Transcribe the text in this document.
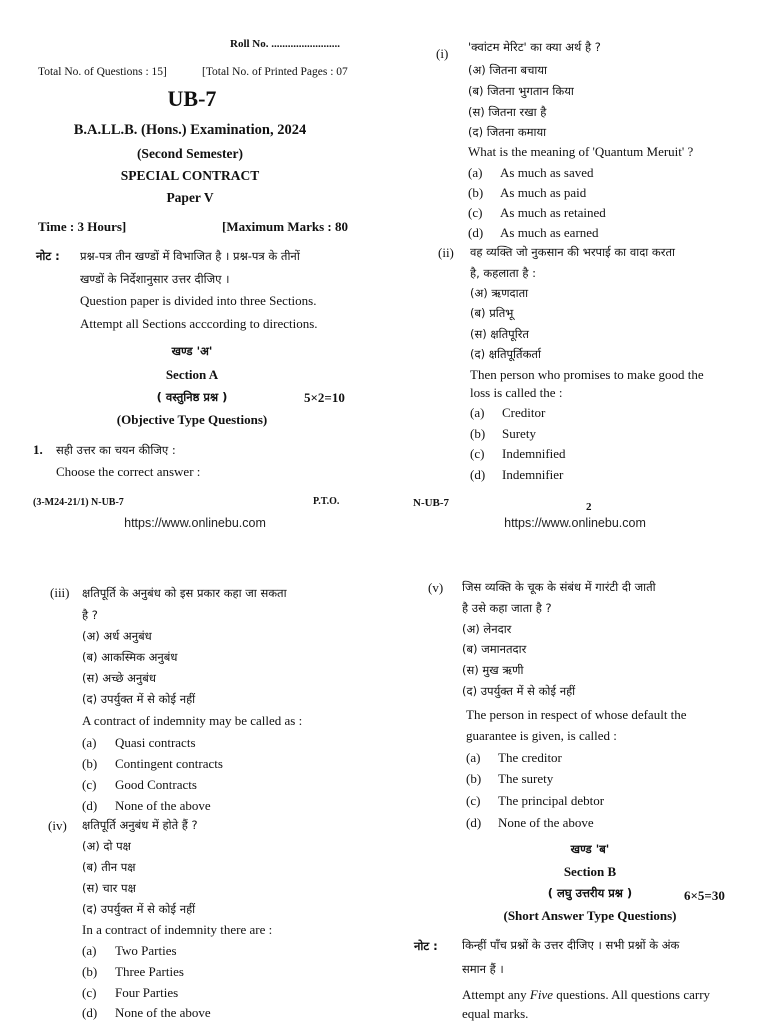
Roll No. .........................
Total No. of Questions : 15]	[Total No. of Printed Pages : 07
UB-7
B.A.LL.B. (Hons.) Examination, 2024
(Second Semester)
SPECIAL CONTRACT
Paper V
Time : 3 Hours]	[Maximum Marks : 80
नोट : प्रश्न-पत्र तीन खण्डों में विभाजित है । प्रश्न-पत्र के तीनों
खण्डों के निर्देशानुसार उत्तर दीजिए ।
Question paper is divided into three Sections.
Attempt all Sections acccording to directions.
खण्ड 'अ'
Section A
( वस्तुनिष्ठ प्रश्न )	5×2=10
(Objective Type Questions)
1. सही उत्तर का चयन कीजिए :
Choose the correct answer :
(3-M24-21/1) N-UB-7	P.T.O.
https://www.onlinebu.com
(i) 'क्वांटम मेरिट' का क्या अर्थ है ?
(अ) जितना बचाया
(ब) जितना भुगतान किया
(स) जितना रखा है
(द) जितना कमाया
What is the meaning of 'Quantum Meruit' ?
(a) As much as saved
(b) As much as paid
(c) As much as retained
(d) As much as earned
(ii) वह व्यक्ति जो नुकसान की भरपाई का वादा करता
है, कहलाता है :
(अ) ऋणदाता
(ब) प्रतिभू
(स) क्षतिपूरित
(द) क्षतिपूर्तिकर्ता
Then person who promises to make good the
loss is called the :
(a) Creditor
(b) Surety
(c) Indemnified
(d) Indemnifier
N-UB-7	2
https://www.onlinebu.com
(iii) क्षतिपूर्ति के अनुबंध को इस प्रकार कहा जा सकता
है ?
(अ) अर्ध अनुबंध
(ब) आकस्मिक अनुबंध
(स) अच्छे अनुबंध
(द) उपर्युक्त में से कोई नहीं
A contract of indemnity may be called as :
(a) Quasi contracts
(b) Contingent contracts
(c) Good Contracts
(d) None of the above
(iv) क्षतिपूर्ति अनुबंध में होते हैं ?
(अ) दो पक्ष
(ब) तीन पक्ष
(स) चार पक्ष
(द) उपर्युक्त में से कोई नहीं
In a contract of indemnity there are :
(a) Two Parties
(b) Three Parties
(c) Four Parties
(d) None of the above
(v) जिस व्यक्ति के चूक के संबंध में गारंटी दी जाती
है उसे कहा जाता है ?
(अ) लेनदार
(ब) जमानतदार
(स) मुख ऋणी
(द) उपर्युक्त में से कोई नहीं
The person in respect of whose default the
guarantee is given, is called :
(a) The creditor
(b) The surety
(c) The principal debtor
(d) None of the above
खण्ड 'ब'
Section B
( लघु उत्तरीय प्रश्न )	6×5=30
(Short Answer Type Questions)
नोट : किन्हीं पाँच प्रश्नों के उत्तर दीजिए । सभी प्रश्नों के अंक
समान हैं ।
Attempt any Five questions. All questions carry
equal marks.
